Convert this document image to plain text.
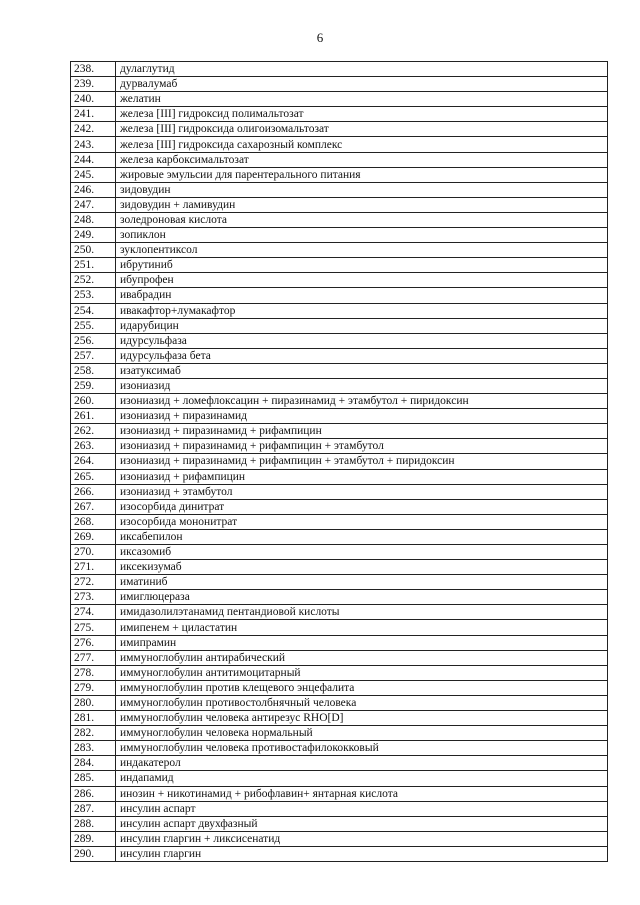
6
238.	дулаглутид
239.	дурвалумаб
240.	желатин
241.	железа [III] гидроксид полимальтозат
242.	железа [III] гидроксида олигоизомальтозат
243.	железа [III] гидроксида сахарозный комплекс
244.	железа карбоксимальтозат
245.	жировые эмульсии для парентерального питания
246.	зидовудин
247.	зидовудин + ламивудин
248.	золедроновая кислота
249.	зопиклон
250.	зуклопентиксол
251.	ибрутиниб
252.	ибупрофен
253.	ивабрадин
254.	ивакафтор+лумакафтор
255.	идарубицин
256.	идурсульфаза
257.	идурсульфаза бета
258.	изатуксимаб
259.	изониазид
260.	изониазид + ломефлоксацин + пиразинамид + этамбутол + пиридоксин
261.	изониазид + пиразинамид
262.	изониазид + пиразинамид + рифампицин
263.	изониазид + пиразинамид + рифампицин + этамбутол
264.	изониазид + пиразинамид + рифампицин + этамбутол + пиридоксин
265.	изониазид + рифампицин
266.	изониазид + этамбутол
267.	изосорбида динитрат
268.	изосорбида мононитрат
269.	иксабепилон
270.	иксазомиб
271.	иксекизумаб
272.	иматиниб
273.	имиглюцераза
274.	имидазолилэтанамид пентандиовой кислоты
275.	имипенем + циластатин
276.	имипрамин
277.	иммуноглобулин антирабический
278.	иммуноглобулин антитимоцитарный
279.	иммуноглобулин против клещевого энцефалита
280.	иммуноглобулин противостолбнячный человека
281.	иммуноглобулин человека антирезус RHO[D]
282.	иммуноглобулин человека нормальный
283.	иммуноглобулин человека противостафилококковый
284.	индакатерол
285.	индапамид
286.	инозин + никотинамид + рибофлавин+ янтарная кислота
287.	инсулин аспарт
288.	инсулин аспарт двухфазный
289.	инсулин гларгин + ликсисенатид
290.	инсулин гларгин
